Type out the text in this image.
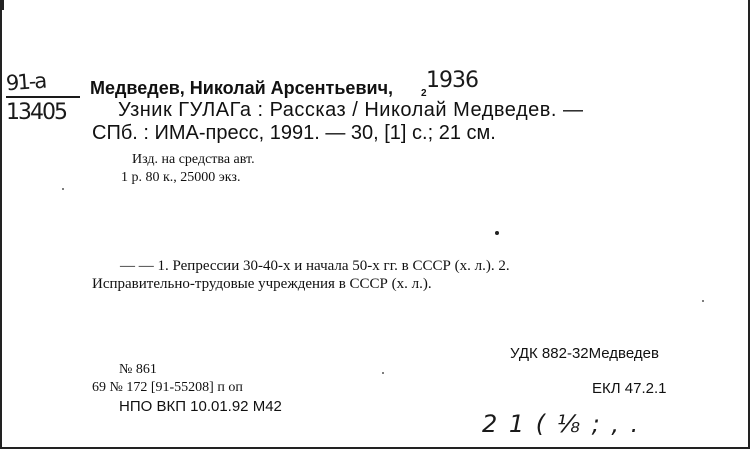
91-a
13405
Медведев, Николай Арсентьевич,	2
1936
Узник ГУЛАГа : Рассказ / Николай Медведев. —
СПб. : ИМА-пресс, 1991. — 30, [1] с.; 21 см.
Изд. на средства авт.
1 р. 80 к., 25000 экз.
— — 1. Репрессии 30-40-х и начала 50-х гг. в СССР (х. л.). 2.
Исправительно-трудовые учреждения в СССР (х. л.).
УДК 882-32Медведев
№ 861
69 № 172 [91-55208] п оп	ЕКЛ 47.2.1
НПО ВКП 10.01.92 М42
2 1 ( ⅛ ; , .
